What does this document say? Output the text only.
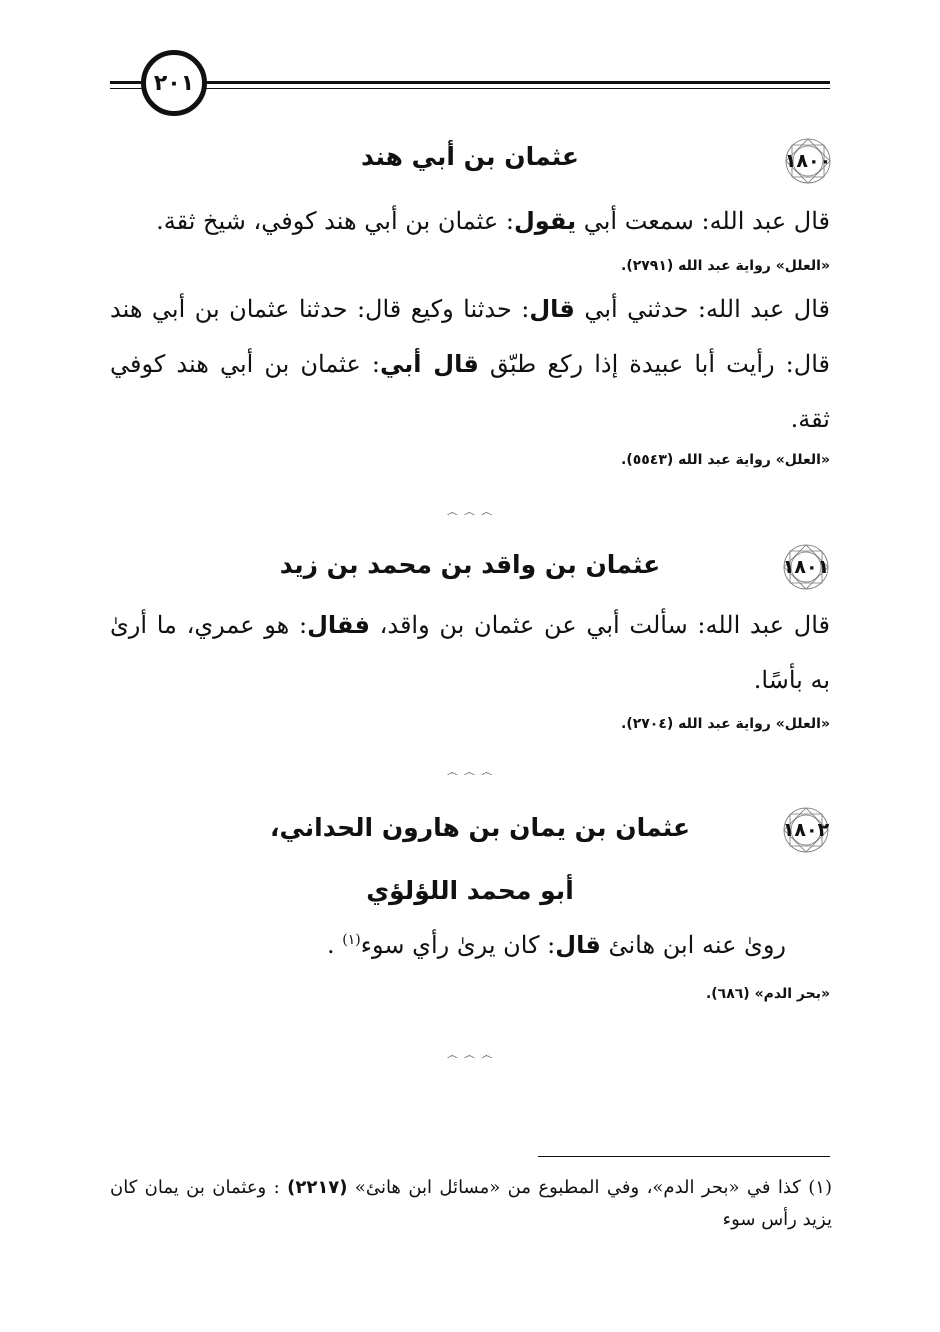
٢٠١
١٨٠٠
عثمان بن أبي هند
قال عبد الله: سمعت أبي يقول: عثمان بن أبي هند كوفي، شيخ ثقة.
«العلل» رواية عبد الله (٢٧٩١).
قال عبد الله: حدثني أبي قال: حدثنا وكيع قال: حدثنا عثمان بن أبي هند قال: رأيت أبا عبيدة إذا ركع طبّق قال أبي: عثمان بن أبي هند كوفي ثقة.
«العلل» رواية عبد الله (٥٥٤٣).
෴ ෴ ෴
١٨٠١
عثمان بن واقد بن محمد بن زيد
قال عبد الله: سألت أبي عن عثمان بن واقد، فقال: هو عمري، ما أرىٰ به بأسًا.
«العلل» رواية عبد الله (٢٧٠٤).
෴ ෴ ෴
١٨٠٢
عثمان بن يمان بن هارون الحداني،
أبو محمد اللؤلؤي
روىٰ عنه ابن هانئ قال: كان يرىٰ رأي سوء$^{(١)}$ .
«بحر الدم» (٦٨٦).
෴ ෴ ෴
(١) كذا في «بحر الدم»، وفي المطبوع من «مسائل ابن هانئ» (٢٢١٧) : وعثمان بن يمان كان يزيد رأس سوء
